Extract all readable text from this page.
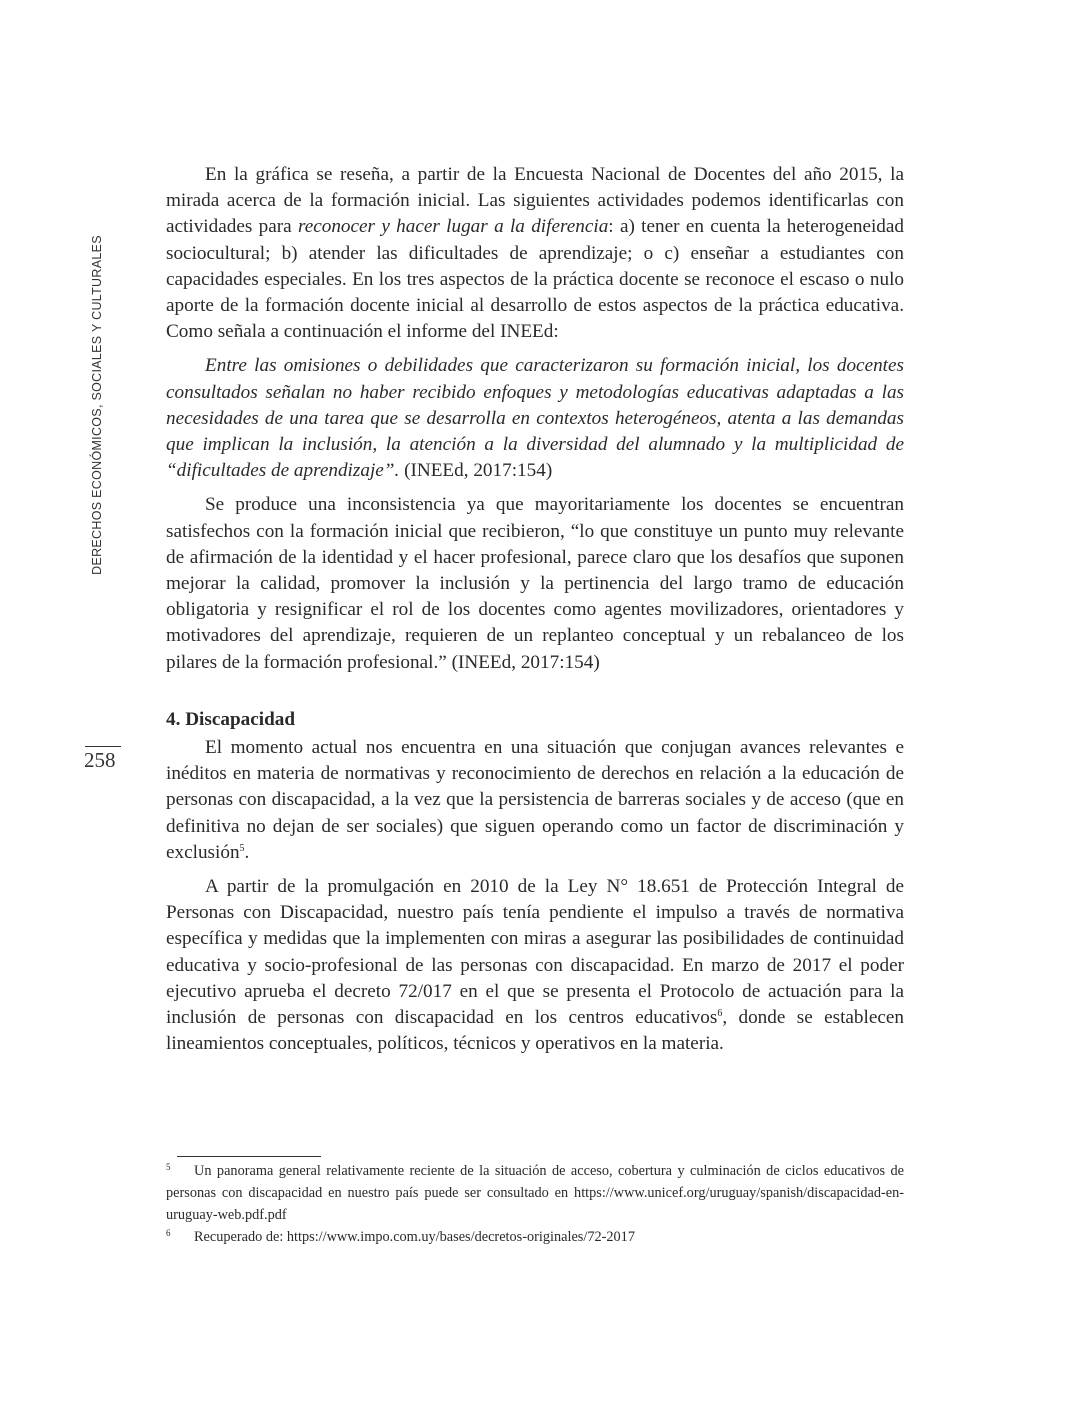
DERECHOS ECONÓMICOS, SOCIALES Y CULTURALES
258

En la gráfica se reseña, a partir de la Encuesta Nacional de Docentes del año 2015, la mirada acerca de la formación inicial. Las siguientes actividades podemos identificarlas con actividades para reconocer y hacer lugar a la diferencia: a) tener en cuenta la heterogeneidad sociocultural; b) atender las dificultades de aprendizaje; o c) enseñar a estudiantes con capacidades especiales. En los tres aspectos de la práctica docente se reconoce el escaso o nulo aporte de la formación docente inicial al desarrollo de estos aspectos de la práctica educativa. Como señala a continuación el informe del INEEd:

Entre las omisiones o debilidades que caracterizaron su formación inicial, los docentes consultados señalan no haber recibido enfoques y metodologías educativas adaptadas a las necesidades de una tarea que se desarrolla en contextos heterogéneos, atenta a las demandas que implican la inclusión, la atención a la diversidad del alumnado y la multiplicidad de “dificultades de aprendizaje”. (INEEd, 2017:154)

Se produce una inconsistencia ya que mayoritariamente los docentes se encuentran satisfechos con la formación inicial que recibieron, “lo que constituye un punto muy relevante de afirmación de la identidad y el hacer profesional, parece claro que los desafíos que suponen mejorar la calidad, promover la inclusión y la pertinencia del largo tramo de educación obligatoria y resignificar el rol de los docentes como agentes movilizadores, orientadores y motivadores del aprendizaje, requieren de un replanteo conceptual y un rebalanceo de los pilares de la formación profesional.” (INEEd, 2017:154)

4. Discapacidad

El momento actual nos encuentra en una situación que conjugan avances relevantes e inéditos en materia de normativas y reconocimiento de derechos en relación a la educación de personas con discapacidad, a la vez que la persistencia de barreras sociales y de acceso (que en definitiva no dejan de ser sociales) que siguen operando como un factor de discriminación y exclusión$^5$.

A partir de la promulgación en 2010 de la Ley N° 18.651 de Protección Integral de Personas con Discapacidad, nuestro país tenía pendiente el impulso a través de normativa específica y medidas que la implementen con miras a asegurar las posibilidades de continuidad educativa y socio-profesional de las personas con discapacidad. En marzo de 2017 el poder ejecutivo aprueba el decreto 72/017 en el que se presenta el Protocolo de actuación para la inclusión de personas con discapacidad en los centros educativos$^6$, donde se establecen lineamientos conceptuales, políticos, técnicos y operativos en la materia.

5 Un panorama general relativamente reciente de la situación de acceso, cobertura y culminación de ciclos educativos de personas con discapacidad en nuestro país puede ser consultado en https://www.unicef.org/uruguay/spanish/discapacidad-en-uruguay-web.pdf.pdf

6 Recuperado de: https://www.impo.com.uy/bases/decretos-originales/72-2017
